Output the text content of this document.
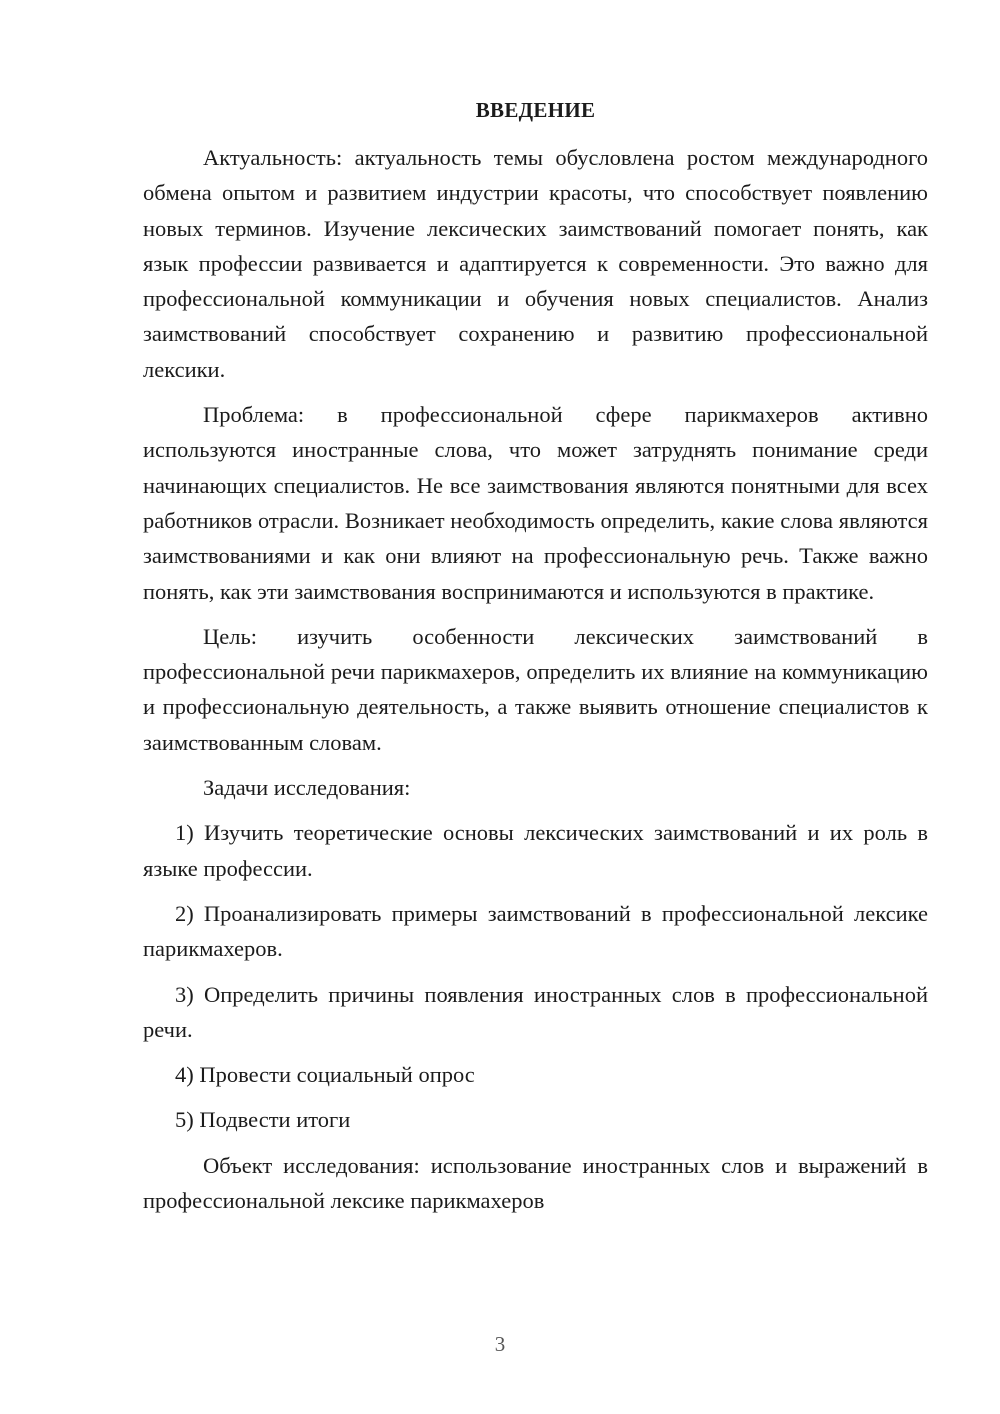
ВВЕДЕНИЕ

Актуальность: актуальность темы обусловлена ростом международного обмена опытом и развитием индустрии красоты, что способствует появлению новых терминов. Изучение лексических заимствований помогает понять, как язык профессии развивается и адаптируется к современности. Это важно для профессиональной коммуникации и обучения новых специалистов. Анализ заимствований способствует сохранению и развитию профессиональной лексики.

Проблема: в профессиональной сфере парикмахеров активно используются иностранные слова, что может затруднять понимание среди начинающих специалистов. Не все заимствования являются понятными для всех работников отрасли. Возникает необходимость определить, какие слова являются заимствованиями и как они влияют на профессиональную речь. Также важно понять, как эти заимствования воспринимаются и используются в практике.

Цель: изучить особенности лексических заимствований в профессиональной речи парикмахеров, определить их влияние на коммуникацию и профессиональную деятельность, а также выявить отношение специалистов к заимствованным словам.

Задачи исследования:

1) Изучить теоретические основы лексических заимствований и их роль в языке профессии.

2) Проанализировать примеры заимствований в профессиональной лексике парикмахеров.

3) Определить причины появления иностранных слов в профессиональной речи.

4) Провести социальный опрос

5) Подвести итоги

Объект исследования: использование иностранных слов и выражений в профессиональной лексике парикмахеров

3
